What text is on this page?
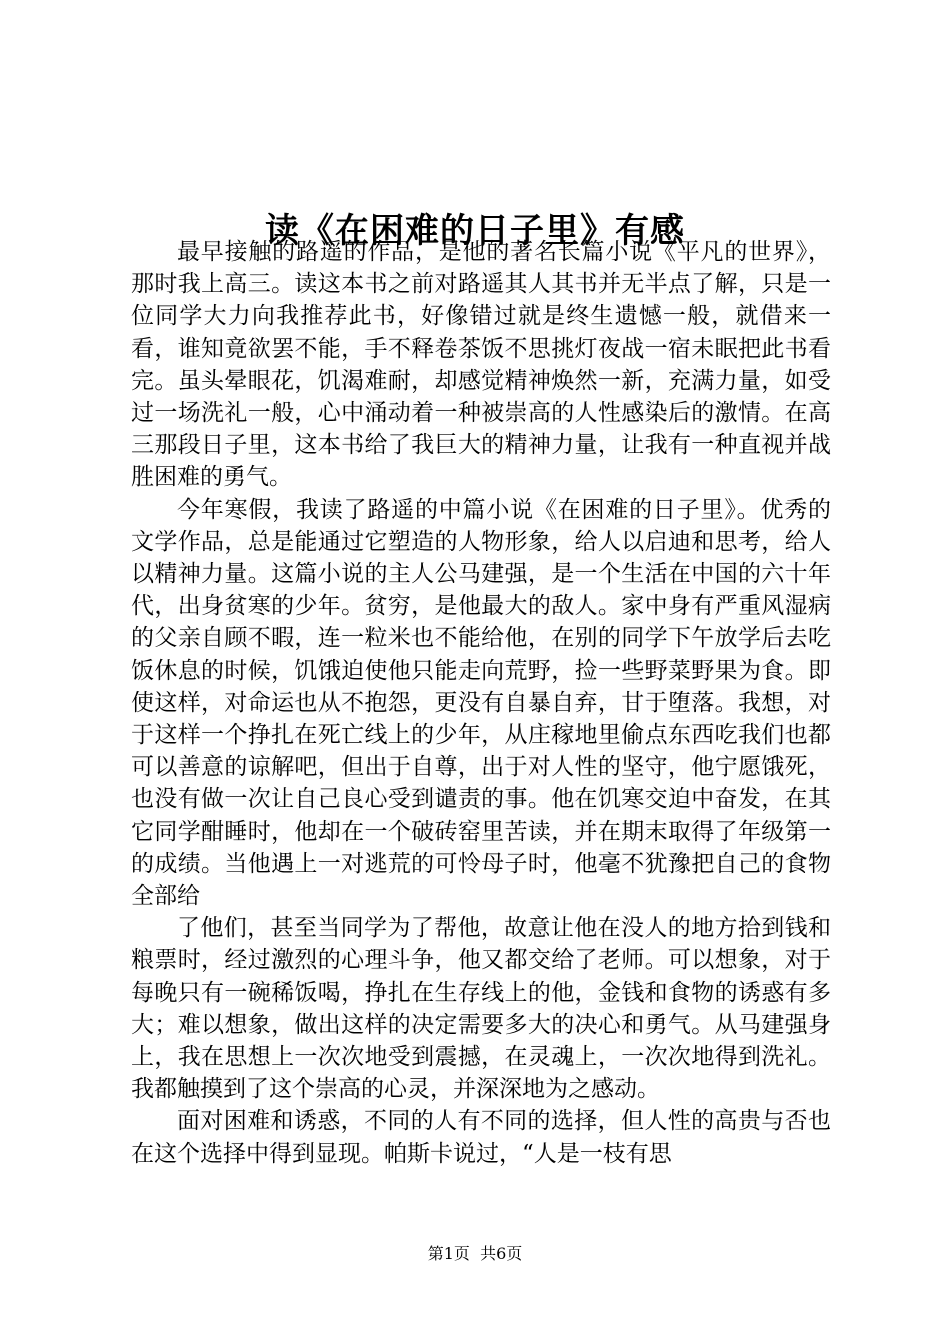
读《在困难的日子里》有感

最早接触的路遥的作品，是他的著名长篇小说《平凡的世界》，那时我上高三。读这本书之前对路遥其人其书并无半点了解，只是一位同学大力向我推荐此书，好像错过就是终生遗憾一般，就借来一看，谁知竟欲罢不能，手不释卷茶饭不思挑灯夜战一宿未眠把此书看完。虽头晕眼花，饥渴难耐，却感觉精神焕然一新，充满力量，如受过一场洗礼一般，心中涌动着一种被崇高的人性感染后的激情。在高三那段日子里，这本书给了我巨大的精神力量，让我有一种直视并战胜困难的勇气。

今年寒假，我读了路遥的中篇小说《在困难的日子里》。优秀的文学作品，总是能通过它塑造的人物形象，给人以启迪和思考，给人以精神力量。这篇小说的主人公马建强，是一个生活在中国的六十年代，出身贫寒的少年。贫穷，是他最大的敌人。家中身有严重风湿病的父亲自顾不暇，连一粒米也不能给他，在别的同学下午放学后去吃饭休息的时候，饥饿迫使他只能走向荒野，捡一些野菜野果为食。即使这样，对命运也从不抱怨，更没有自暴自弃，甘于堕落。我想，对于这样一个挣扎在死亡线上的少年，从庄稼地里偷点东西吃我们也都可以善意的谅解吧，但出于自尊，出于对人性的坚守，他宁愿饿死，也没有做一次让自己良心受到谴责的事。他在饥寒交迫中奋发，在其它同学酣睡时，他却在一个破砖窑里苦读，并在期末取得了年级第一的成绩。当他遇上一对逃荒的可怜母子时，他毫不犹豫把自己的食物全部给

了他们，甚至当同学为了帮他，故意让他在没人的地方拾到钱和粮票时，经过激烈的心理斗争，他又都交给了老师。可以想象，对于每晚只有一碗稀饭喝，挣扎在生存线上的他，金钱和食物的诱惑有多大；难以想象，做出这样的决定需要多大的决心和勇气。从马建强身上，我在思想上一次次地受到震撼，在灵魂上，一次次地得到洗礼。我都触摸到了这个崇高的心灵，并深深地为之感动。

面对困难和诱惑，不同的人有不同的选择，但人性的高贵与否也在这个选择中得到显现。帕斯卡说过，“人是一枝有思

第1页 共6页
